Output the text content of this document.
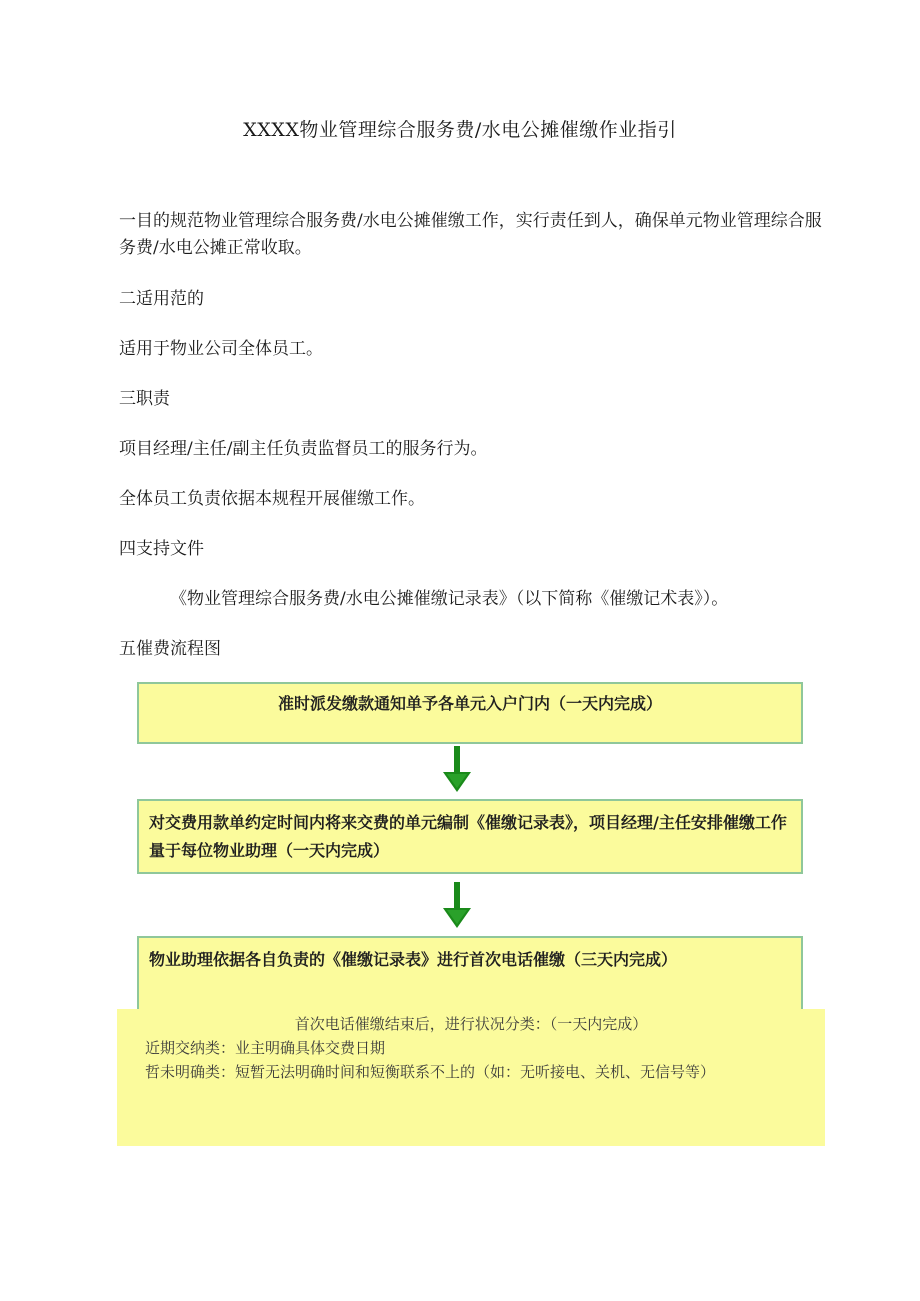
XXXX物业管理综合服务费/水电公摊催缴作业指引
一目的规范物业管理综合服务费/水电公摊催缴工作，实行责任到人，确保单元物业管理综合服务费/水电公摊正常收取。
二适用范的
适用于物业公司全体员工。
三职责
项目经理/主任/副主任负责监督员工的服务行为。
全体员工负责依据本规程开展催缴工作。
四支持文件
《物业管理综合服务费/水电公摊催缴记录表》（以下简称《催缴记术表》）。
五催费流程图
准时派发缴款通知单予各单元入户门内（一天内完成）
对交费用款单约定时间内将来交费的单元编制《催缴记录表》，项目经理/主任安排催缴工作量于每位物业助理（一天内完成）
物业助理依据各自负责的《催缴记录表》进行首次电话催缴（三天内完成）
首次电话催缴结束后，进行状况分类：（一天内完成）
近期交纳类：业主明确具体交费日期
哲未明确类：短暂无法明确时间和短衡联系不上的（如：无听接电、关机、无信号等）
